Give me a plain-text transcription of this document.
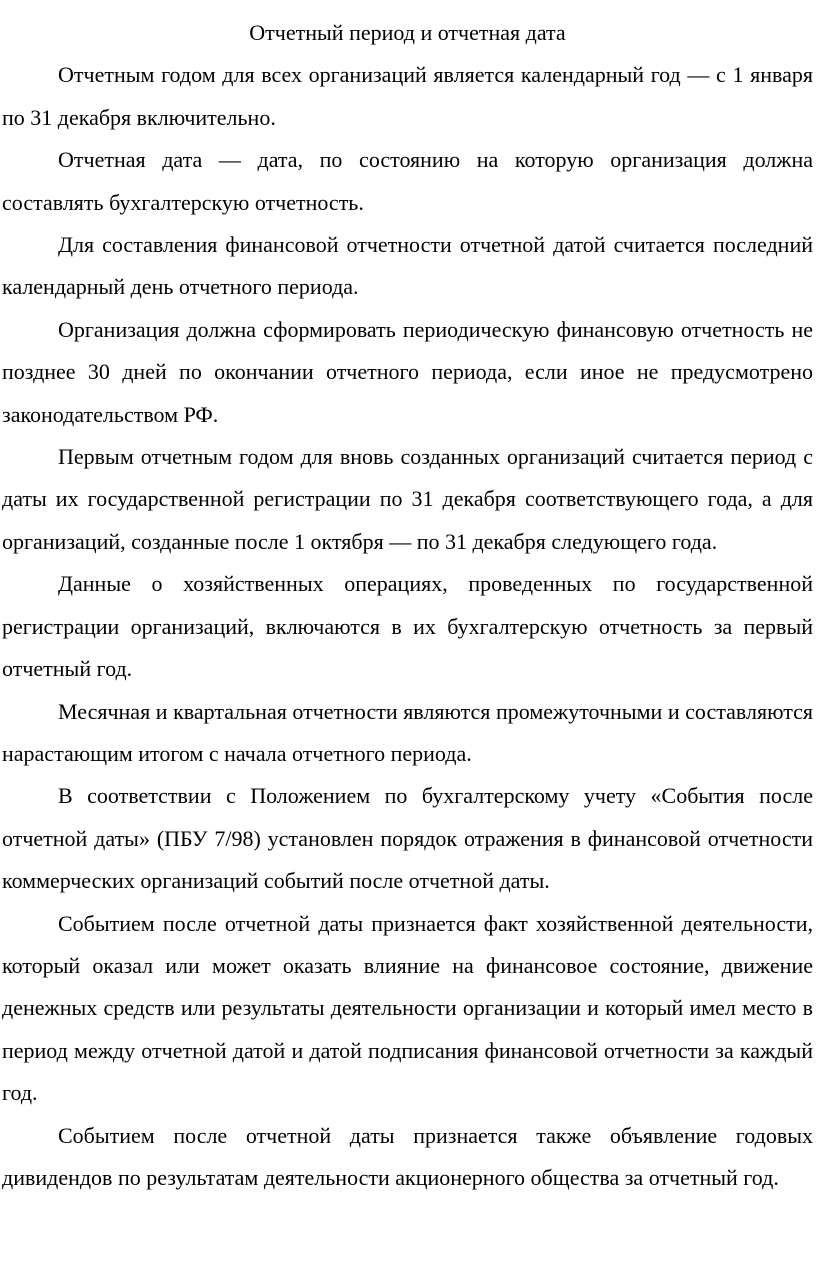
Отчетный период и отчетная дата

Отчетным годом для всех организаций является календарный год — с 1 января по 31 декабря включительно.

Отчетная дата — дата, по состоянию на которую организация должна составлять бухгалтерскую отчетность.

Для составления финансовой отчетности отчетной датой считается последний календарный день отчетного периода.

Организация должна сформировать периодическую финансовую отчетность не позднее 30 дней по окончании отчетного периода, если иное не предусмотрено законодательством РФ.

Первым отчетным годом для вновь созданных организаций считается период с даты их государственной регистрации по 31 декабря соответствующего года, а для организаций, созданные после 1 октября — по 31 декабря следующего года.

Данные о хозяйственных операциях, проведенных по государственной регистрации организаций, включаются в их бухгалтерскую отчетность за первый отчетный год.

Месячная и квартальная отчетности являются промежуточными и составляются нарастающим итогом с начала отчетного периода.

В соответствии с Положением по бухгалтерскому учету «События после отчетной даты» (ПБУ 7/98) установлен порядок отражения в финансовой отчетности коммерческих организаций событий после отчетной даты.

Событием после отчетной даты признается факт хозяйственной деятельности, который оказал или может оказать влияние на финансовое состояние, движение денежных средств или результаты деятельности организации и который имел место в период между отчетной датой и датой подписания финансовой отчетности за каждый год.

Событием после отчетной даты признается также объявление годовых дивидендов по результатам деятельности акционерного общества за отчетный год.
